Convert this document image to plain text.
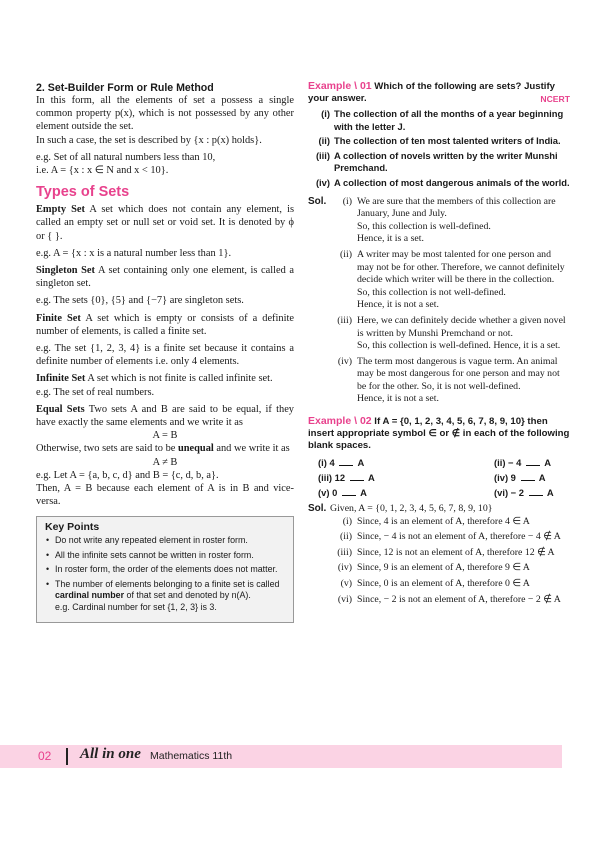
2. Set-Builder Form or Rule Method

In this form, all the elements of set a possess a single common property p(x), which is not possessed by any other element outside the set.

In such a case, the set is described by {x : p(x) holds}.

e.g. Set of all natural numbers less than 10,

i.e. A = {x : x ∈ N and x < 10}.

Types of Sets

Empty Set A set which does not contain any element, is called an empty set or null set or void set. It is denoted by ϕ or { }.

e.g. A = {x : x is a natural number less than 1}.

Singleton Set A set containing only one element, is called a singleton set.

e.g. The sets {0}, {5} and {−7} are singleton sets.

Finite Set A set which is empty or consists of a definite number of elements, is called a finite set.

e.g. The set {1, 2, 3, 4} is a finite set because it contains a definite number of elements i.e. only 4 elements.

Infinite Set A set which is not finite is called infinite set.

e.g. The set of real numbers.

Equal Sets Two sets A and B are said to be equal, if they have exactly the same elements and we write it as

A = B

Otherwise, two sets are said to be unequal and we write it as

A ≠ B

e.g. Let A = {a, b, c, d} and B = {c, d, b, a}.

Then, A = B because each element of A is in B and vice-versa.

Key Points
• Do not write any repeated element in roster form.
• All the infinite sets cannot be written in roster form.
• In roster form, the order of the elements does not matter.
• The number of elements belonging to a finite set is called cardinal number of that set and denoted by n(A).
e.g. Cardinal number for set {1, 2, 3} is 3.
Example \ 01 Which of the following are sets? Justify your answer.	NCERT
(i) The collection of all the months of a year beginning with the letter J.
(ii) The collection of ten most talented writers of India.
(iii) A collection of novels written by the writer Munshi Premchand.
(iv) A collection of most dangerous animals of the world.
Sol.	(i) We are sure that the members of this collection are January, June and July.

So, this collection is well-defined.

Hence, it is a set.

(ii) A writer may be most talented for one person and may not be for other. Therefore, we cannot definitely decide which writer will be there in the collection.

So, this collection is not well-defined.

Hence, it is not a set.

(iii) Here, we can definitely decide whether a given novel is written by Munshi Premchand or not.

So, this collection is well-defined. Hence, it is a set.

(iv) The term most dangerous is vague term. An animal may be most dangerous for one person and may not be for the other. So, it is not well-defined.

Hence, it is not a set.

Example \ 02 If A = {0, 1, 2, 3, 4, 5, 6, 7, 8, 9, 10} then insert appropriate symbol ∈ or ∉ in each of the following blank spaces.
(i) 4 A	(ii) − 4 A
(iii) 12 A	(iv) 9 A
(v) 0 A	(vi) − 2 A
Sol. Given, A = {0, 1, 2, 3, 4, 5, 6, 7, 8, 9, 10}

(i) Since, 4 is an element of A, therefore 4 ∈ A
(ii) Since, − 4 is not an element of A, therefore − 4 ∉ A
(iii) Since, 12 is not an element of A, therefore 12 ∉ A
(iv) Since, 9 is an element of A, therefore 9 ∈ A
(v) Since, 0 is an element of A, therefore 0 ∈ A
(vi) Since, − 2 is not an element of A, therefore − 2 ∉ A
02 All in one Mathematics 11th
